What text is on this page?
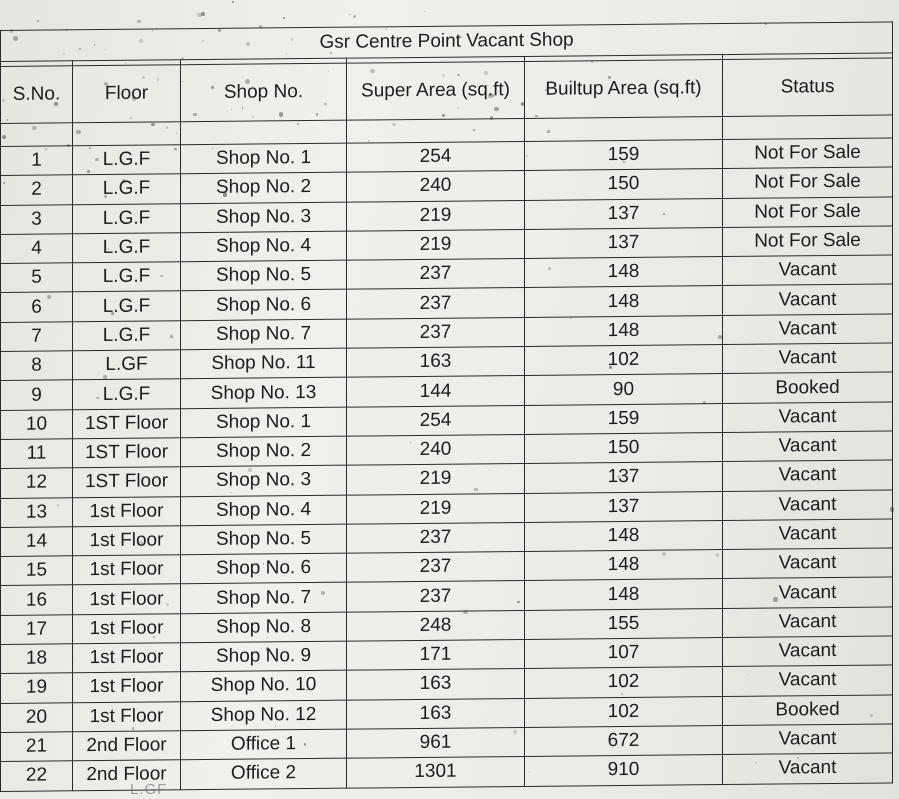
Gsr Centre Point Vacant Shop					

S.No.	Floor	Shop No.	Super Area (sq.ft)	Builtup Area (sq.ft)	Status

1	L.G.F	Shop No. 1	254	159	Not For Sale
2	L.G.F	Shop No. 2	240	150	Not For Sale
3	L.G.F	Shop No. 3	219	137	Not For Sale
4	L.G.F	Shop No. 4	219	137	Not For Sale
5	L.G.F	Shop No. 5	237	148	Vacant
6	L.G.F	Shop No. 6	237	148	Vacant
7	L.G.F	Shop No. 7	237	148	Vacant
8	L.GF	Shop No. 11	163	102	Vacant
9	L.G.F	Shop No. 13	144	90	Booked
10	1ST Floor	Shop No. 1	254	159	Vacant
11	1ST Floor	Shop No. 2	240	150	Vacant
12	1ST Floor	Shop No. 3	219	137	Vacant
13	1st Floor	Shop No. 4	219	137	Vacant
14	1st Floor	Shop No. 5	237	148	Vacant
15	1st Floor	Shop No. 6	237	148	Vacant
16	1st Floor	Shop No. 7	237	148	Vacant
17	1st Floor	Shop No. 8	248	155	Vacant
18	1st Floor	Shop No. 9	171	107	Vacant
19	1st Floor	Shop No. 10	163	102	Vacant
20	1st Floor	Shop No. 12	163	102	Booked
21	2nd Floor	Office 1	961	672	Vacant
22	2nd Floor	Office 2	1301	910	Vacant
L.GF
